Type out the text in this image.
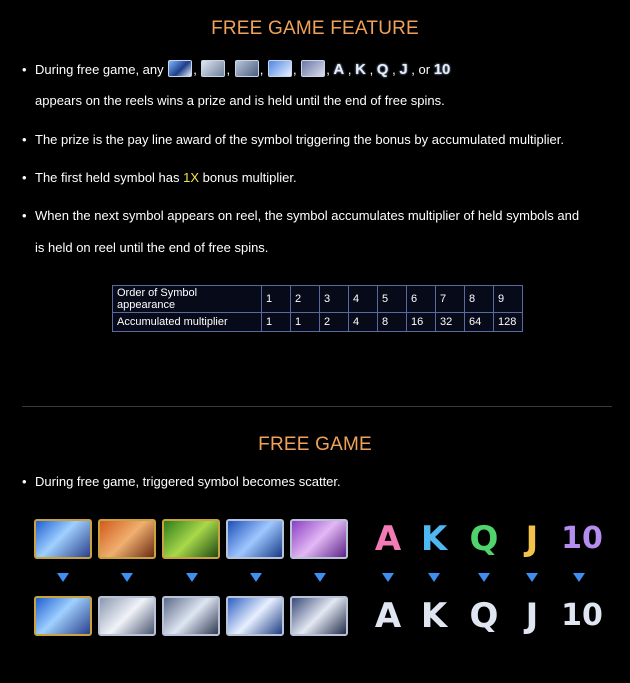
FREE GAME FEATURE
• During free game, any , , , , , A , K , Q , J , or 10
appears on the reels wins a prize and is held until the end of free spins.
• The prize is the pay line award of the symbol triggering the bonus by accumulated multiplier.
• The first held symbol has 1X bonus multiplier.
• When the next symbol appears on reel, the symbol accumulates multiplier of held symbols and
is held on reel until the end of free spins.
Order of Symbol appearance	1	2	3	4	5	6	7	8	9
Accumulated multiplier	1	1	2	4	8	16	32	64	128
FREE GAME
• During free game, triggered symbol becomes scatter.
A K Q J 10
A K Q J 10
